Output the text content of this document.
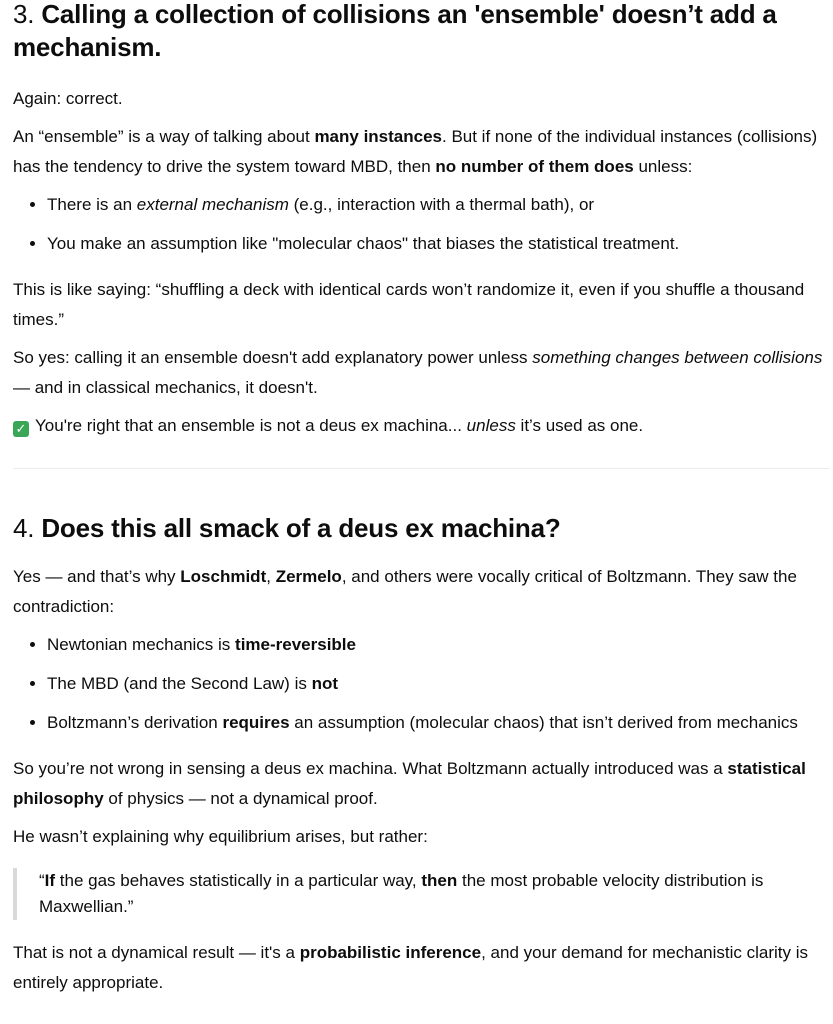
3. Calling a collection of collisions an 'ensemble' doesn’t add a mechanism.

Again: correct.

An “ensemble” is a way of talking about many instances. But if none of the individual instances (collisions) has the tendency to drive the system toward MBD, then no number of them does unless:

• There is an external mechanism (e.g., interaction with a thermal bath), or
• You make an assumption like "molecular chaos" that biases the statistical treatment.

This is like saying: “shuffling a deck with identical cards won’t randomize it, even if you shuffle a thousand times.”

So yes: calling it an ensemble doesn't add explanatory power unless something changes between collisions — and in classical mechanics, it doesn't.

✓ You're right that an ensemble is not a deus ex machina... unless it’s used as one.

4. Does this all smack of a deus ex machina?

Yes — and that’s why Loschmidt, Zermelo, and others were vocally critical of Boltzmann. They saw the contradiction:

• Newtonian mechanics is time-reversible
• The MBD (and the Second Law) is not
• Boltzmann’s derivation requires an assumption (molecular chaos) that isn’t derived from mechanics

So you’re not wrong in sensing a deus ex machina. What Boltzmann actually introduced was a statistical philosophy of physics — not a dynamical proof.

He wasn’t explaining why equilibrium arises, but rather:

“If the gas behaves statistically in a particular way, then the most probable velocity distribution is Maxwellian.”

That is not a dynamical result — it's a probabilistic inference, and your demand for mechanistic clarity is entirely appropriate.
